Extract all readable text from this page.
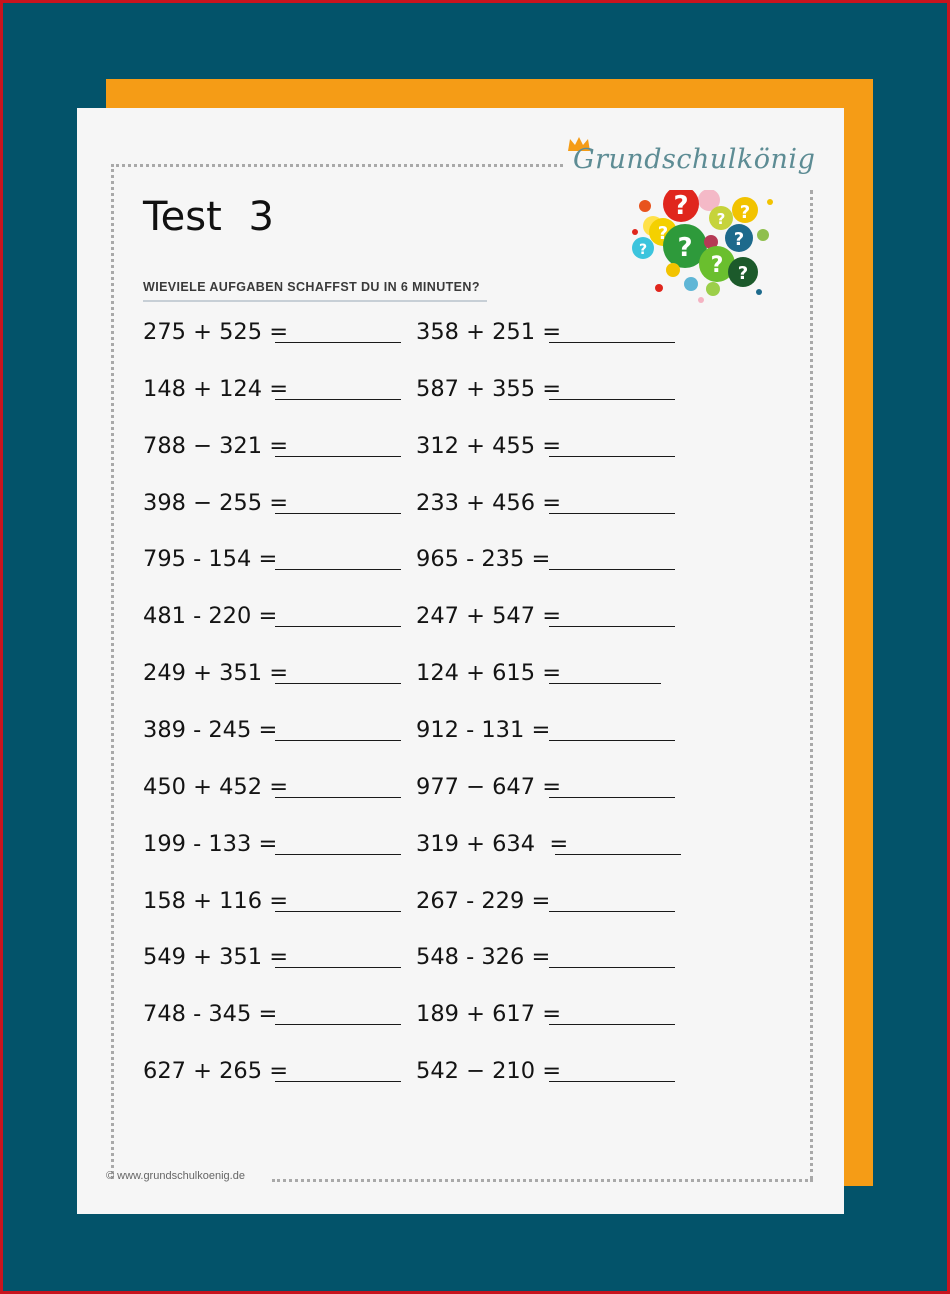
Grundschulkönig
Test 3
WIEVIELE AUFGABEN SCHAFFST DU IN 6 MINUTEN?
?	?
?
?
?
?
?
? ?
275 + 525 =
148 + 124 =
788 − 321 =
398 − 255 =
795 - 154 =
481 - 220 =
249 + 351 =
389 - 245 =
450 + 452 =
199 - 133 =
158 + 116 =
549 + 351 =
748 - 345 =
627 + 265 =
358 + 251 =
587 + 355 =
312 + 455 =
233 + 456 =
965 - 235 =
247 + 547 =
124 + 615 =
912 - 131 =
977 − 647 =
319 + 634  =
267 - 229 =
548 - 326 =
189 + 617 =
542 − 210 =
© www.grundschulkoenig.de
